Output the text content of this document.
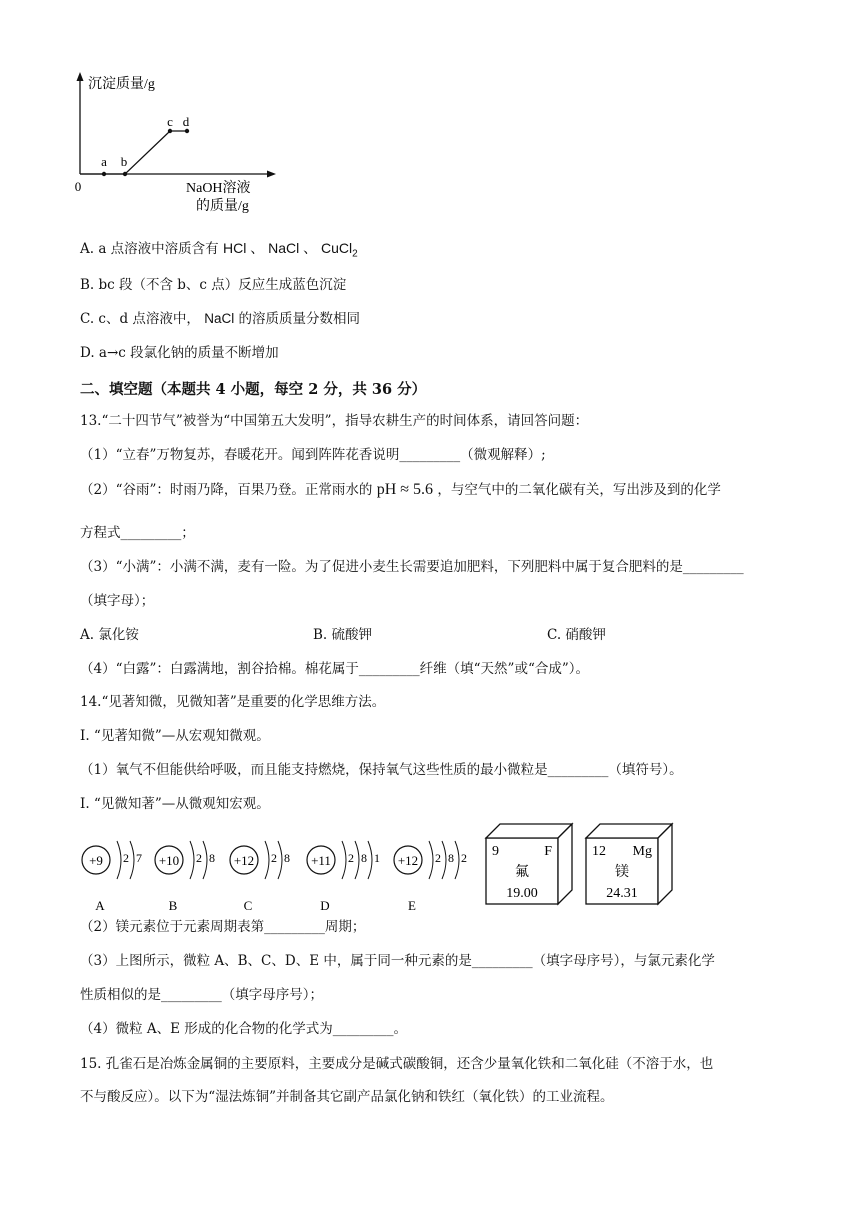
沉淀质量/g
0
a b
c d
NaOH溶液
的质量/g
A. a 点溶液中溶质含有 HCl 、 NaCl 、 CuCl$_2$
B. bc 段（不含 b、c 点）反应生成蓝色沉淀
C. c、d 点溶液中， NaCl 的溶质质量分数相同
D. a→c 段氯化钠的质量不断增加
二、填空题（本题共 4 小题，每空 2 分，共 36 分）
13.“二十四节气”被誉为“中国第五大发明”，指导农耕生产的时间体系，请回答问题：
（1）“立春”万物复苏，春暖花开。闻到阵阵花香说明_________（微观解释）;
（2）“谷雨”：时雨乃降，百果乃登。正常雨水的 pH ≈ 5.6 ，与空气中的二氧化碳有关，写出涉及到的化学
方程式_________；
（3）“小满”：小满不满，麦有一险。为了促进小麦生长需要追加肥料，下列肥料中属于复合肥料的是_________
（填字母）；
A. 氯化铵	B. 硫酸钾	C. 硝酸钾
（4）“白露”：白露满地，割谷拾棉。棉花属于_________纤维（填“天然”或“合成”）。
14.“见著知微，见微知著”是重要的化学思维方法。
I. “见著知微”—从宏观知微观。
（1）氧气不但能供给呼吸，而且能支持燃烧，保持氧气这些性质的最小微粒是_________（填符号）。
I. “见微知著”—从微观知宏观。
+9 2 7
A
+10 2 8
B
+12 2 8
C
+11 2 8 1
D
+12 2 8 2
E
9	F
氟
19.00
12 Mg
镁
24.31
（2）镁元素位于元素周期表第_________周期；
（3）上图所示，微粒 A、B、C、D、E 中，属于同一种元素的是_________（填字母序号），与氯元素化学
性质相似的是_________（填字母序号）；
（4）微粒 A、E 形成的化合物的化学式为_________。
15. 孔雀石是冶炼金属铜的主要原料，主要成分是碱式碳酸铜，还含少量氧化铁和二氧化硅（不溶于水，也
不与酸反应）。以下为“湿法炼铜”并制备其它副产品氯化钠和铁红（氧化铁）的工业流程。
